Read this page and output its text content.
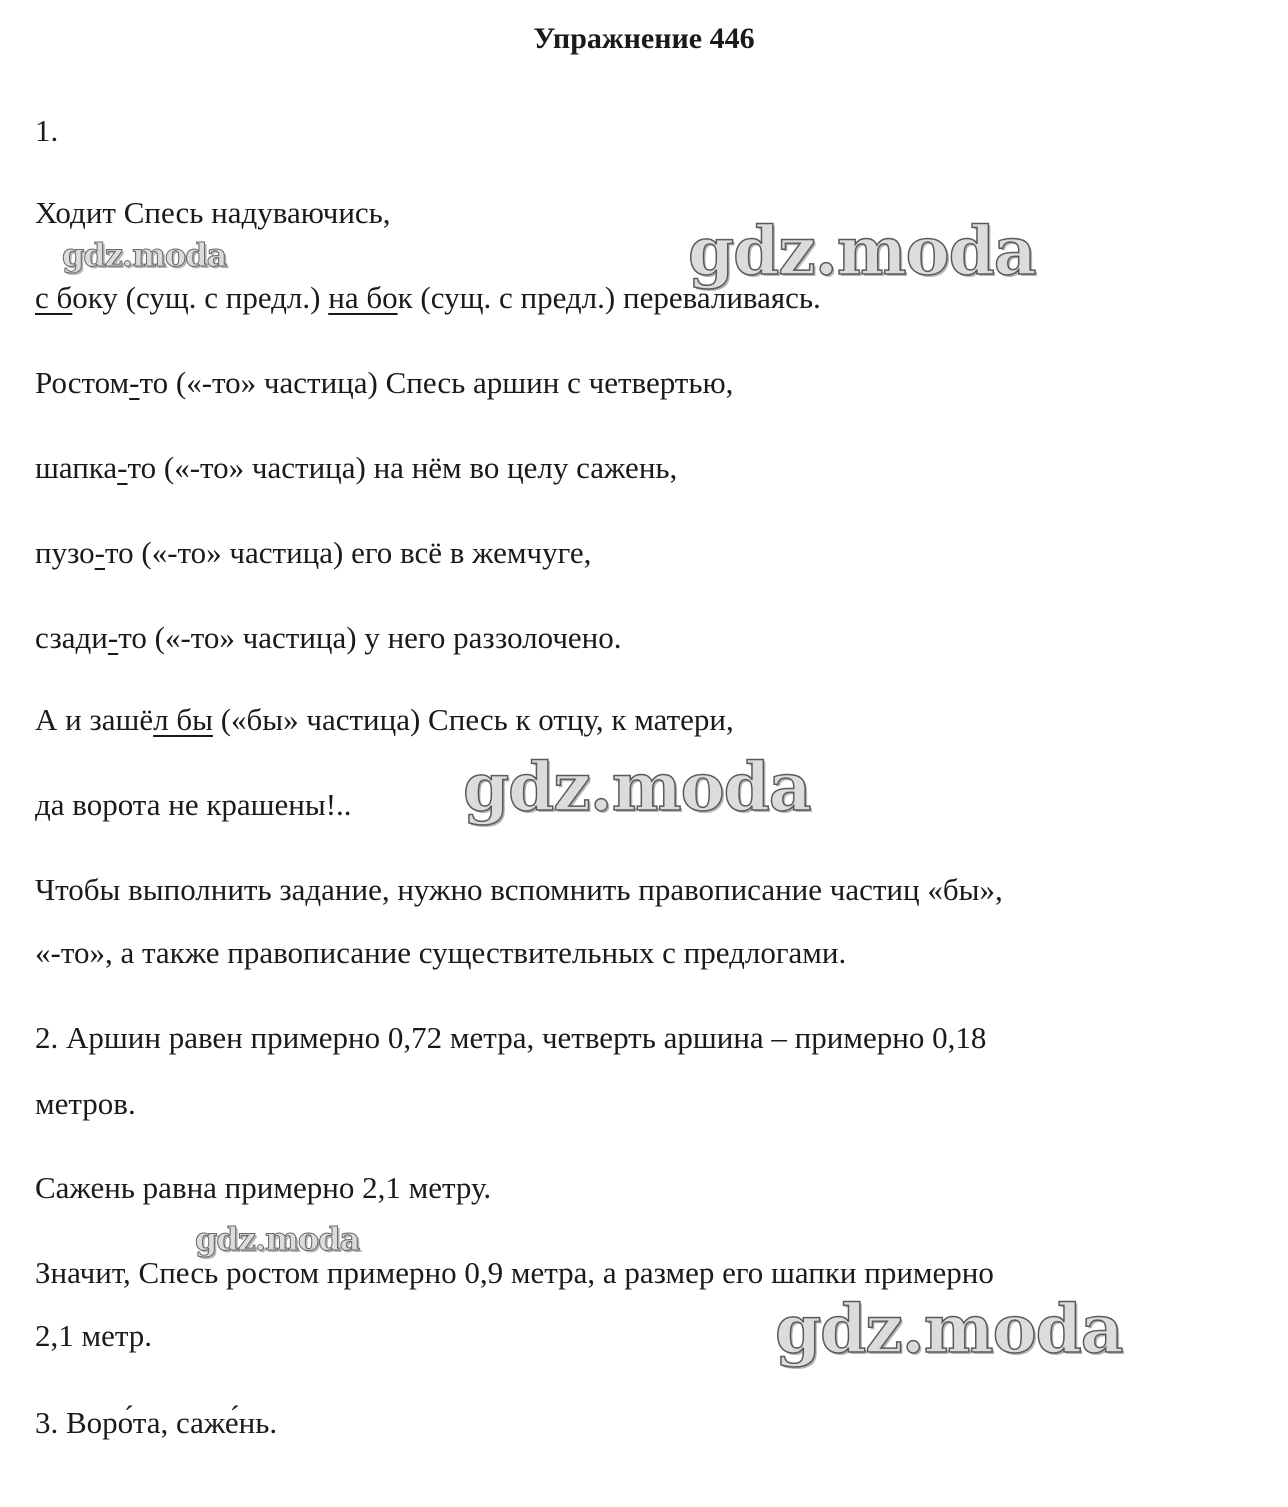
Упражнение 446
1.
Ходит Спесь надуваючись,
с боку (сущ. с предл.) на бок (сущ. с предл.) переваливаясь.
Ростом-то («-то» частица) Спесь аршин с четвертью,
шапка-то («-то» частица) на нём во целу сажень,
пузо-то («-то» частица) его всё в жемчуге,
сзади-то («-то» частица) у него раззолочено.
А и зашёл бы («бы» частица) Спесь к отцу, к матери,
да ворота не крашены!..
Чтобы выполнить задание, нужно вспомнить правописание частиц «бы»,
«-то», а также правописание существительных с предлогами.
2. Аршин равен примерно 0,72 метра, четверть аршина – примерно 0,18
метров.
Сажень равна примерно 2,1 метру.
Значит, Спесь ростом примерно 0,9 метра, а размер его шапки примерно
2,1 метр.
3. Воро́та, саже́нь.
gdz.moda	gdz.moda
gdz.moda
gdz.moda
gdz.moda
